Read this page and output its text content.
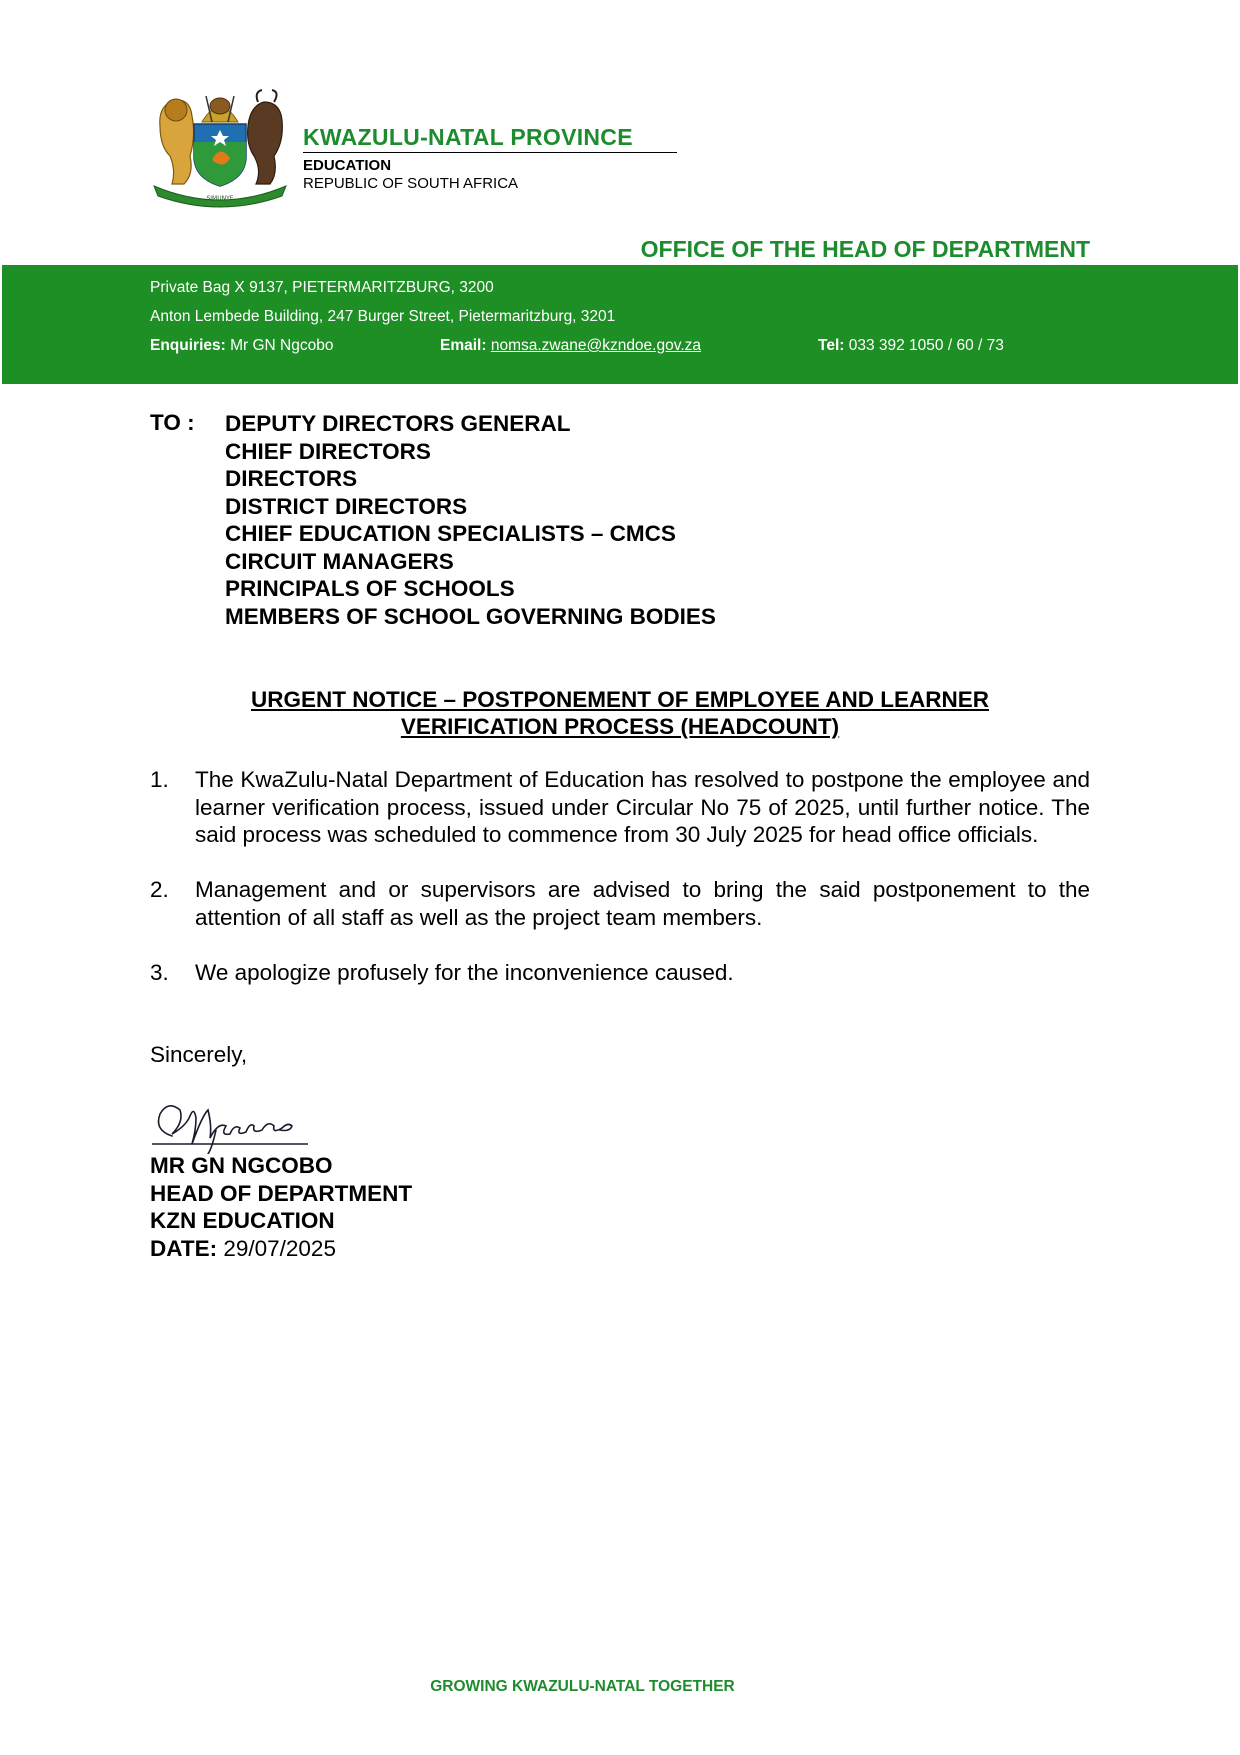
SIMUNYE
KWAZULU-NATAL PROVINCE
EDUCATION
REPUBLIC OF SOUTH AFRICA
OFFICE OF THE HEAD OF DEPARTMENT
Private Bag X 9137, PIETERMARITZBURG, 3200
Anton Lembede Building, 247 Burger Street, Pietermaritzburg, 3201
Enquiries: Mr GN Ngcobo	Email: nomsa.zwane@kzndoe.gov.za	Tel: 033 392 1050 / 60 / 73
TO : DEPUTY DIRECTORS GENERAL
CHIEF DIRECTORS
DIRECTORS
DISTRICT DIRECTORS
CHIEF EDUCATION SPECIALISTS – CMCS
CIRCUIT MANAGERS
PRINCIPALS OF SCHOOLS
MEMBERS OF SCHOOL GOVERNING BODIES
URGENT NOTICE – POSTPONEMENT OF EMPLOYEE AND LEARNER
VERIFICATION PROCESS (HEADCOUNT)
1. The KwaZulu-Natal Department of Education has resolved to postpone the employee and learner verification process, issued under Circular No 75 of 2025, until further notice. The said process was scheduled to commence from 30 July 2025 for head office officials.
2. Management and or supervisors are advised to bring the said postponement to the attention of all staff as well as the project team members.
3. We apologize profusely for the inconvenience caused.
Sincerely,
MR GN NGCOBO
HEAD OF DEPARTMENT
KZN EDUCATION
DATE: 29/07/2025
GROWING KWAZULU-NATAL TOGETHER
